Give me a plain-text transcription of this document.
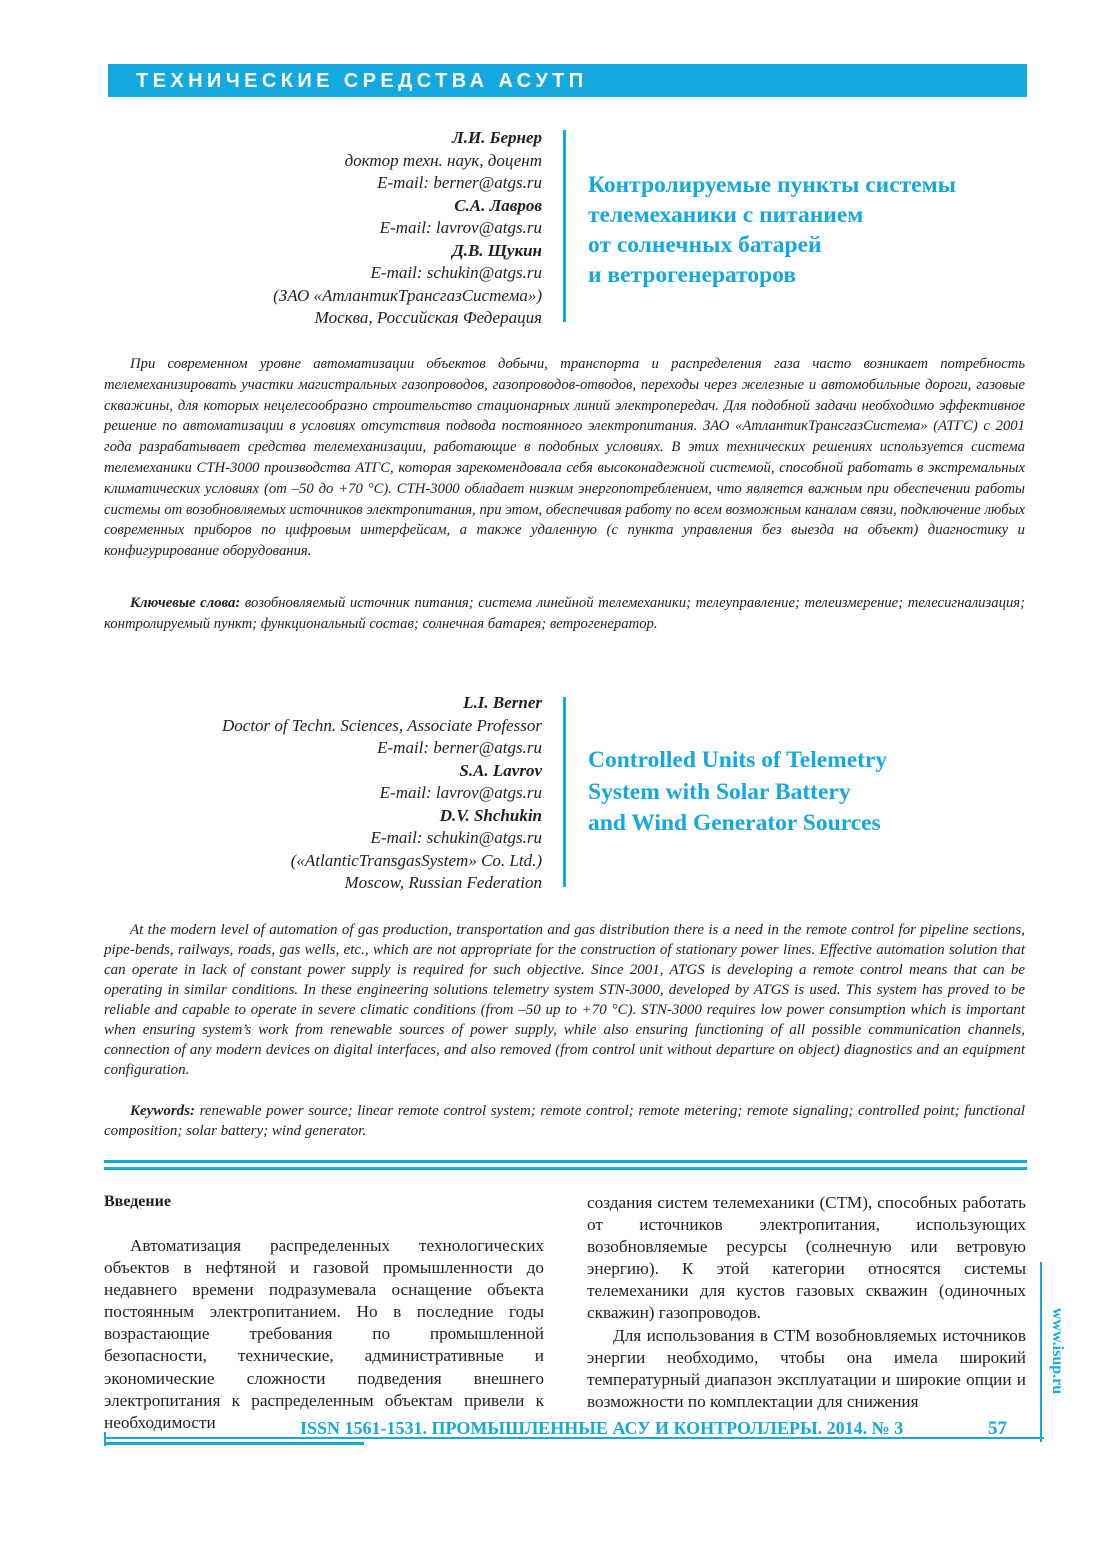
ТЕХНИЧЕСКИЕ СРЕДСТВА АСУТП
Л.И. Бернер
доктор техн. наук, доцент
E-mail: berner@atgs.ru
С.А. Лавров
E-mail: lavrov@atgs.ru
Д.В. Щукин
E-mail: schukin@atgs.ru
(ЗАО «АтлантикТрансгазСистема»)
Москва, Российская Федерация
Контролируемые пункты системы
телемеханики с питанием
от солнечных батарей
и ветрогенераторов

При современном уровне автоматизации объектов добычи, транспорта и распределения газа часто возникает потребность телемеханизировать участки магистральных газопроводов, газопроводов-отводов, переходы через железные и автомобильные дороги, газовые скважины, для которых нецелесообразно строительство стационарных линий электропередач. Для подобной задачи необходимо эффективное решение по автоматизации в условиях отсутствия подвода постоянного электропитания. ЗАО «АтлантикТрансгазСистема» (АТГС) с 2001 года разрабатывает средства телемеханизации, работающие в подобных условиях. В этих технических решениях используется система телемеханики СТН-3000 производства АТГС, которая зарекомендовала себя высоконадежной системой, способной работать в экстремальных климатических условиях (от –50 до +70 °С). СТН-3000 обладает низким энергопотреблением, что является важным при обеспечении работы системы от возобновляемых источников электропитания, при этом, обеспечивая работу по всем возможным каналам связи, подключение любых современных приборов по цифровым интерфейсам, а также удаленную (с пункта управления без выезда на объект) диагностику и конфигурирование оборудования.

Ключевые слова: возобновляемый источник питания; система линейной телемеханики; телеуправление; телеизмерение; телесигнализация; контролируемый пункт; функциональный состав; солнечная батарея; ветрогенератор.

L.I. Berner
Doctor of Techn. Sciences, Associate Professor
E-mail: berner@atgs.ru
S.A. Lavrov
E-mail: lavrov@atgs.ru
D.V. Shchukin
E-mail: schukin@atgs.ru
(«AtlanticTransgasSystem» Co. Ltd.)
Moscow, Russian Federation
Controlled Units of Telemetry
System with Solar Battery
and Wind Generator Sources

At the modern level of automation of gas production, transportation and gas distribution there is a need in the remote control for pipeline sections, pipe-bends, railways, roads, gas wells, etc., which are not appropriate for the construction of stationary power lines. Effective automation solution that can operate in lack of constant power supply is required for such objective. Since 2001, ATGS is developing a remote control means that can be operating in similar conditions. In these engineering solutions telemetry system STN-3000, developed by ATGS is used. This system has proved to be reliable and capable to operate in severe climatic conditions (from –50 up to +70 °С). STN-3000 requires low power consumption which is important when ensuring system’s work from renewable sources of power supply, while also ensuring functioning of all possible communication channels, connection of any modern devices on digital interfaces, and also removed (from control unit without departure on object) diagnostics and an equipment configuration.

Keywords: renewable power source; linear remote control system; remote control; remote metering; remote signaling; controlled point; functional composition; solar battery; wind generator.

Введение

Автоматизация распределенных технологических объектов в нефтяной и газовой промышленности до недавнего времени подразумевала оснащение объекта постоянным электропитанием. Но в последние годы возрастающие требования по промышленной безопасности, технические, административные и экономические сложности подведения внешнего электропитания к распределенным объектам привели к необходимости

создания систем телемеханики (СТМ), способных работать от источников электропитания, использующих возобновляемые ресурсы (солнечную или ветровую энергию). К этой категории относятся системы телемеханики для кустов газовых скважин (одиночных скважин) газопроводов.

Для использования в СТМ возобновляемых источников энергии необходимо, чтобы она имела широкий температурный диапазон эксплуатации и широкие опции и возможности по комплектации для снижения

www.isup.ru
ISSN 1561-1531. ПРОМЫШЛЕННЫЕ АСУ И КОНТРОЛЛЕРЫ. 2014. № 3	57
